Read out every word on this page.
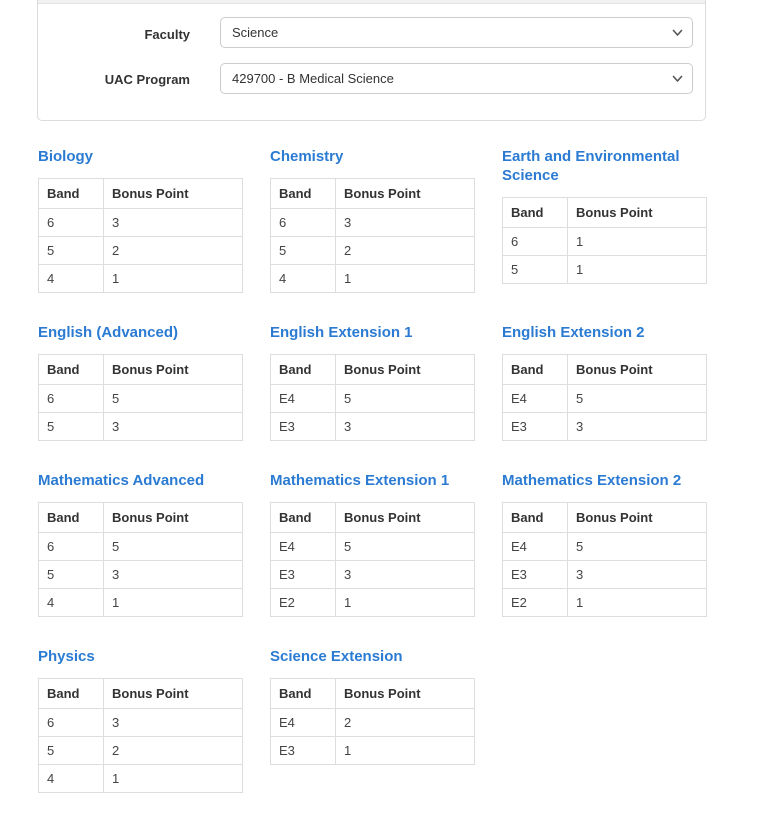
Faculty
Science
UAC Program
429700 - B Medical Science
Biology
Band	Bonus Point
6	3
5	2
4	1
Chemistry
Band	Bonus Point
6	3
5	2
4	1
Earth and Environmental Science
Band	Bonus Point
6	1
5	1
English (Advanced)
Band	Bonus Point
6	5
5	3
English Extension 1
Band	Bonus Point
E4	5
E3	3
English Extension 2
Band	Bonus Point
E4	5
E3	3
Mathematics Advanced
Band	Bonus Point
6	5
5	3
4	1
Mathematics Extension 1
Band	Bonus Point
E4	5
E3	3
E2	1
Mathematics Extension 2
Band	Bonus Point
E4	5
E3	3
E2	1
Physics
Band	Bonus Point
6	3
5	2
4	1
Science Extension
Band	Bonus Point
E4	2
E3	1
